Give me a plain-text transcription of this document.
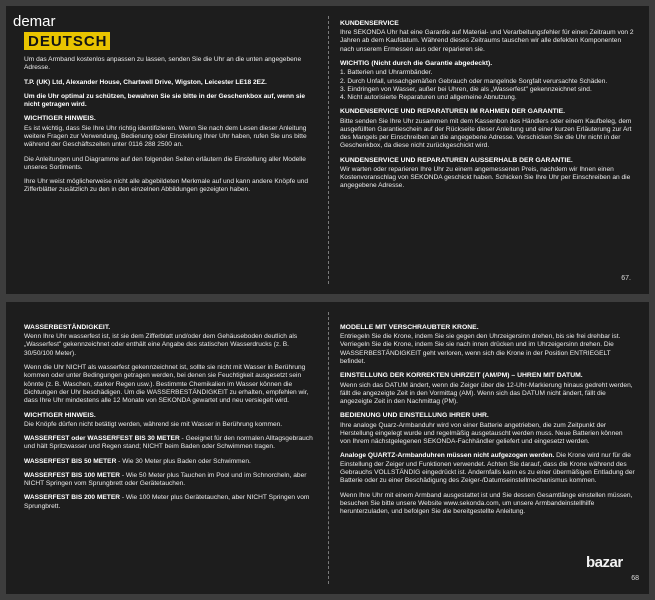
DEUTSCH

Um das Armband kostenlos anpassen zu lassen, senden Sie die Uhr an die unten angegebene Adresse.

T.P. (UK) Ltd, Alexander House, Chartwell Drive, Wigston, Leicester LE18 2EZ.

Um die Uhr optimal zu schützen, bewahren Sie sie bitte in der Geschenkbox auf, wenn sie nicht getragen wird.

WICHTIGER HINWEIS.

Es ist wichtig, dass Sie Ihre Uhr richtig identifizieren. Wenn Sie nach dem Lesen dieser Anleitung weitere Fragen zur Verwendung, Bedienung oder Einstellung Ihrer Uhr haben, rufen Sie uns bitte während der Geschäftszeiten unter 0116 288 2500 an.

Die Anleitungen und Diagramme auf den folgenden Seiten erläutern die Einstellung aller Modelle unseres Sortiments.

Ihre Uhr weist möglicherweise nicht alle abgebildeten Merkmale auf und kann andere Knöpfe und Zifferblätter zusätzlich zu den in den einzelnen Abbildungen gezeigten haben.

KUNDENSERVICE

Ihre SEKONDA Uhr hat eine Garantie auf Material- und Verarbeitungsfehler für einen Zeitraum von 2 Jahren ab dem Kaufdatum. Während dieses Zeitraums tauschen wir alle defekten Komponenten nach unserem Ermessen aus oder reparieren sie.

WICHTIG (Nicht durch die Garantie abgedeckt).

1. Batterien und Uhrarmbänder.

2. Durch Unfall, unsachgemäßen Gebrauch oder mangelnde Sorgfalt verursachte Schäden.

3. Eindringen von Wasser, außer bei Uhren, die als „Wasserfest" gekennzeichnet sind.

4. Nicht autorisierte Reparaturen und allgemeine Abnutzung.

KUNDENSERVICE UND REPARATUREN IM RAHMEN DER GARANTIE.

Bitte senden Sie Ihre Uhr zusammen mit dem Kassenbon des Händlers oder einem Kaufbeleg, dem ausgefüllten Garantieschein auf der Rückseite dieser Anleitung und einer kurzen Erläuterung zur Art des Mangels per Einschreiben an die angegebene Adresse. Verschicken Sie die Uhr nicht in der Geschenkbox, da diese nicht zurückgeschickt wird.

KUNDENSERVICE UND REPARATUREN AUSSERHALB DER GARANTIE.

Wir warten oder reparieren Ihre Uhr zu einem angemessenen Preis, nachdem wir Ihnen einen Kostenvoranschlag von SEKONDA geschickt haben. Schicken Sie Ihre Uhr per Einschreiben an die angegebene Adresse.

67.
WASSERBESTÄNDIGKEIT.

Wenn Ihre Uhr wasserfest ist, ist sie dem Zifferblatt und/oder dem Gehäuseboden deutlich als „Wasserfest" gekennzeichnet oder enthält eine Angabe des statischen Wasserdrucks (z. B. 30/50/100 Meter).

Wenn die Uhr NICHT als wasserfest gekennzeichnet ist, sollte sie nicht mit Wasser in Berührung kommen oder unter Bedingungen getragen werden, bei denen sie Feuchtigkeit ausgesetzt sein könnte (z. B. Waschen, starker Regen usw.). Bestimmte Chemikalien im Wasser können die Dichtungen der Uhr beschädigen. Um die WASSERBESTÄNDIGKEIT zu erhalten, empfehlen wir, dass Ihre Uhr mindestens alle 12 Monate von SEKONDA gewartet und neu versiegelt wird.

WICHTIGER HINWEIS.

Die Knöpfe dürfen nicht betätigt werden, während sie mit Wasser in Berührung kommen.

WASSERFEST oder WASSERFEST BIS 30 METER - Geeignet für den normalen Alltagsgebrauch und hält Spritzwasser und Regen stand; NICHT beim Baden oder Schwimmen tragen.

WASSERFEST BIS 50 METER - Wie 30 Meter plus Baden oder Schwimmen.

WASSERFEST BIS 100 METER - Wie 50 Meter plus Tauchen im Pool und im Schnorcheln, aber NICHT Springen vom Sprungbrett oder Gerätetauchen.

WASSERFEST BIS 200 METER - Wie 100 Meter plus Gerätetauchen, aber NICHT Springen vom Sprungbrett.

MODELLE MIT VERSCHRAUBTER KRONE.

Entriegeln Sie die Krone, indem Sie sie gegen den Uhrzeigersinn drehen, bis sie frei drehbar ist. Verriegeln Sie die Krone, indem Sie sie nach innen drücken und im Uhrzeigersinn drehen. Die WASSERBESTÄNDIGKEIT geht verloren, wenn sich die Krone in der Position ENTRIEGELT befindet.

EINSTELLUNG DER KORREKTEN UHRZEIT (AM/PM) – UHREN MIT DATUM.

Wenn sich das DATUM ändert, wenn die Zeiger über die 12-Uhr-Markierung hinaus gedreht werden, fällt die angezeigte Zeit in den Vormittag (AM). Wenn sich das DATUM nicht ändert, fällt die angezeigte Zeit in den Nachmittag (PM).

BEDIENUNG UND EINSTELLUNG IHRER UHR.

Ihre analoge Quarz-Armbanduhr wird von einer Batterie angetrieben, die zum Zeitpunkt der Herstellung eingelegt wurde und regelmäßig ausgetauscht werden muss. Neue Batterien können von Ihrem nächstgelegenen SEKONDA-Fachhändler geliefert und eingesetzt werden.

Analoge QUARTZ-Armbanduhren müssen nicht aufgezogen werden. Die Krone wird nur für die Einstellung der Zeiger und Funktionen verwendet. Achten Sie darauf, dass die Krone während des Gebrauchs VOLLSTÄNDIG eingedrückt ist. Andernfalls kann es zu einer übermäßigen Entladung der Batterie oder zu einer Beschädigung des Zeiger-/Datumseinstellmechanismus kommen.

Wenn Ihre Uhr mit einem Armband ausgestattet ist und Sie dessen Gesamtlänge einstellen müssen, besuchen Sie bitte unsere Website www.sekonda.com, um unsere Armbandeinstellhilfe herunterzuladen, und befolgen Sie die bereitgestellte Anleitung.

68
demar
bazar
